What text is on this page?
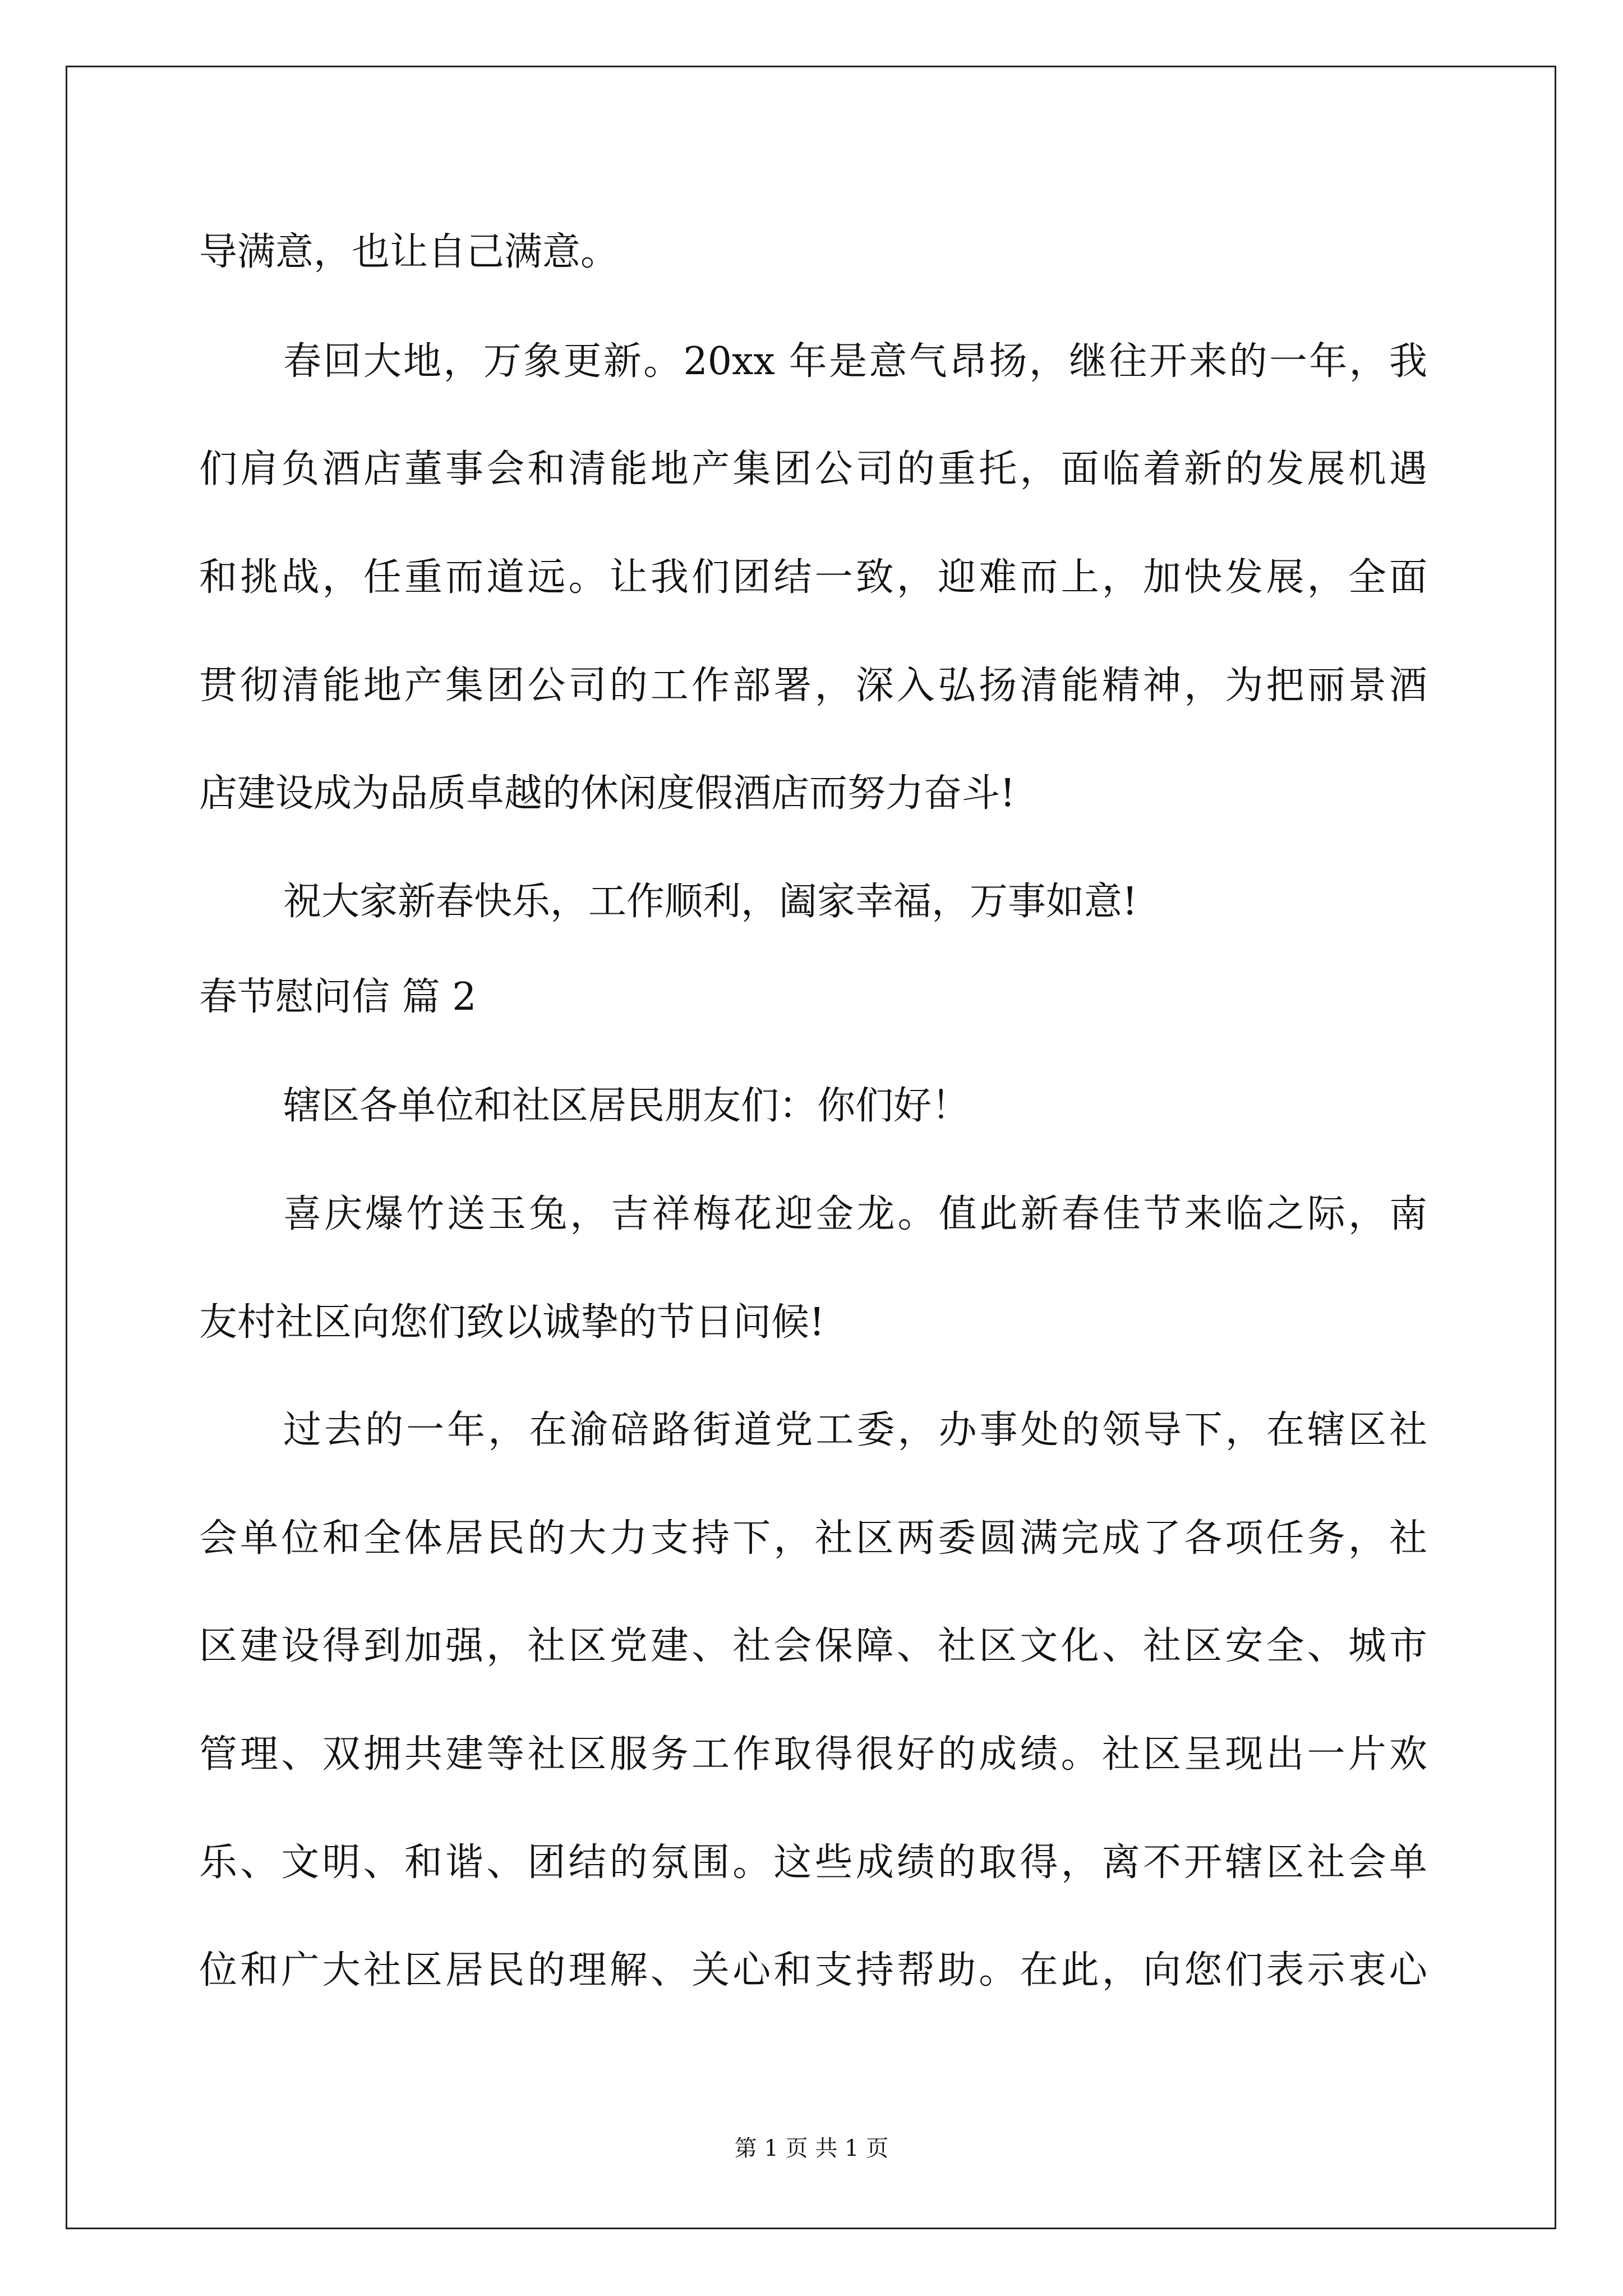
导满意，也让自己满意。
春回大地，万象更新。20xx 年是意气昂扬，继往开来的一年，我
们肩负酒店董事会和清能地产集团公司的重托，面临着新的发展机遇
和挑战，任重而道远。让我们团结一致，迎难而上，加快发展，全面
贯彻清能地产集团公司的工作部署，深入弘扬清能精神，为把丽景酒
店建设成为品质卓越的休闲度假酒店而努力奋斗!
祝大家新春快乐，工作顺利，阖家幸福，万事如意!
春节慰问信 篇 2
辖区各单位和社区居民朋友们：你们好！
喜庆爆竹送玉兔，吉祥梅花迎金龙。值此新春佳节来临之际，南
友村社区向您们致以诚挚的节日问候!
过去的一年，在渝碚路街道党工委，办事处的领导下，在辖区社
会单位和全体居民的大力支持下，社区两委圆满完成了各项任务，社
区建设得到加强，社区党建、社会保障、社区文化、社区安全、城市
管理、双拥共建等社区服务工作取得很好的成绩。社区呈现出一片欢
乐、文明、和谐、团结的氛围。这些成绩的取得，离不开辖区社会单
位和广大社区居民的理解、关心和支持帮助。在此，向您们表示衷心
第 1 页 共 1 页
